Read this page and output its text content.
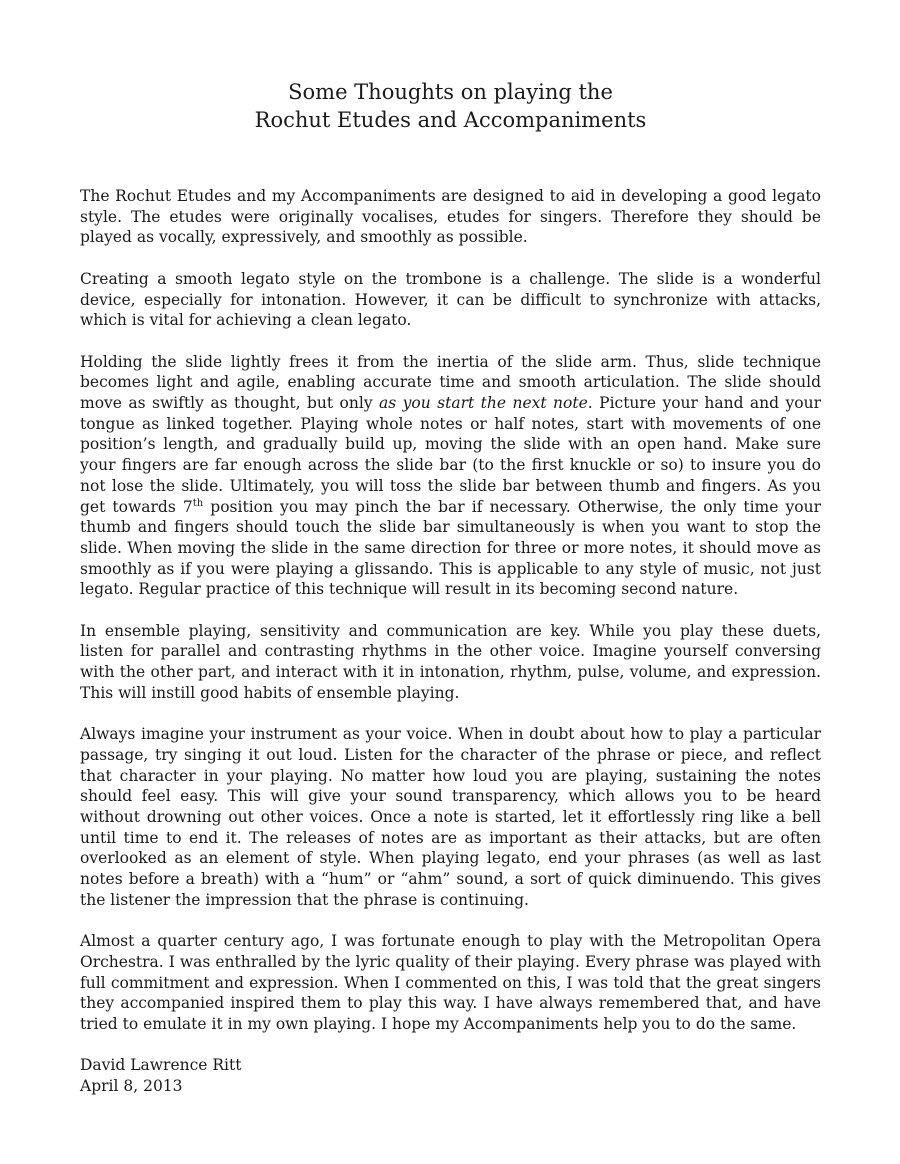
Some Thoughts on playing the
Rochut Etudes and Accompaniments

The Rochut Etudes and my Accompaniments are designed to aid in developing a good legato style. The etudes were originally vocalises, etudes for singers. Therefore they should be played as vocally, expressively, and smoothly as possible.

Creating a smooth legato style on the trombone is a challenge. The slide is a wonderful device, especially for intonation. However, it can be difficult to synchronize with attacks, which is vital for achieving a clean legato.

Holding the slide lightly frees it from the inertia of the slide arm. Thus, slide technique becomes light and agile, enabling accurate time and smooth articulation. The slide should move as swiftly as thought, but only as you start the next note. Picture your hand and your tongue as linked together. Playing whole notes or half notes, start with movements of one position’s length, and gradually build up, moving the slide with an open hand. Make sure your fingers are far enough across the slide bar (to the first knuckle or so) to insure you do not lose the slide. Ultimately, you will toss the slide bar between thumb and fingers. As you get towards 7th position you may pinch the bar if necessary. Otherwise, the only time your thumb and fingers should touch the slide bar simultaneously is when you want to stop the slide. When moving the slide in the same direction for three or more notes, it should move as smoothly as if you were playing a glissando. This is applicable to any style of music, not just legato. Regular practice of this technique will result in its becoming second nature.

In ensemble playing, sensitivity and communication are key. While you play these duets, listen for parallel and contrasting rhythms in the other voice. Imagine yourself conversing with the other part, and interact with it in intonation, rhythm, pulse, volume, and expression. This will instill good habits of ensemble playing.

Always imagine your instrument as your voice. When in doubt about how to play a particular passage, try singing it out loud. Listen for the character of the phrase or piece, and reflect that character in your playing. No matter how loud you are playing, sustaining the notes should feel easy. This will give your sound transparency, which allows you to be heard without drowning out other voices. Once a note is started, let it effortlessly ring like a bell until time to end it. The releases of notes are as important as their attacks, but are often overlooked as an element of style. When playing legato, end your phrases (as well as last notes before a breath) with a “hum” or “ahm” sound, a sort of quick diminuendo. This gives the listener the impression that the phrase is continuing.

Almost a quarter century ago, I was fortunate enough to play with the Metropolitan Opera Orchestra. I was enthralled by the lyric quality of their playing. Every phrase was played with full commitment and expression. When I commented on this, I was told that the great singers they accompanied inspired them to play this way. I have always remembered that, and have tried to emulate it in my own playing. I hope my Accompaniments help you to do the same.

David Lawrence Ritt
April 8, 2013
